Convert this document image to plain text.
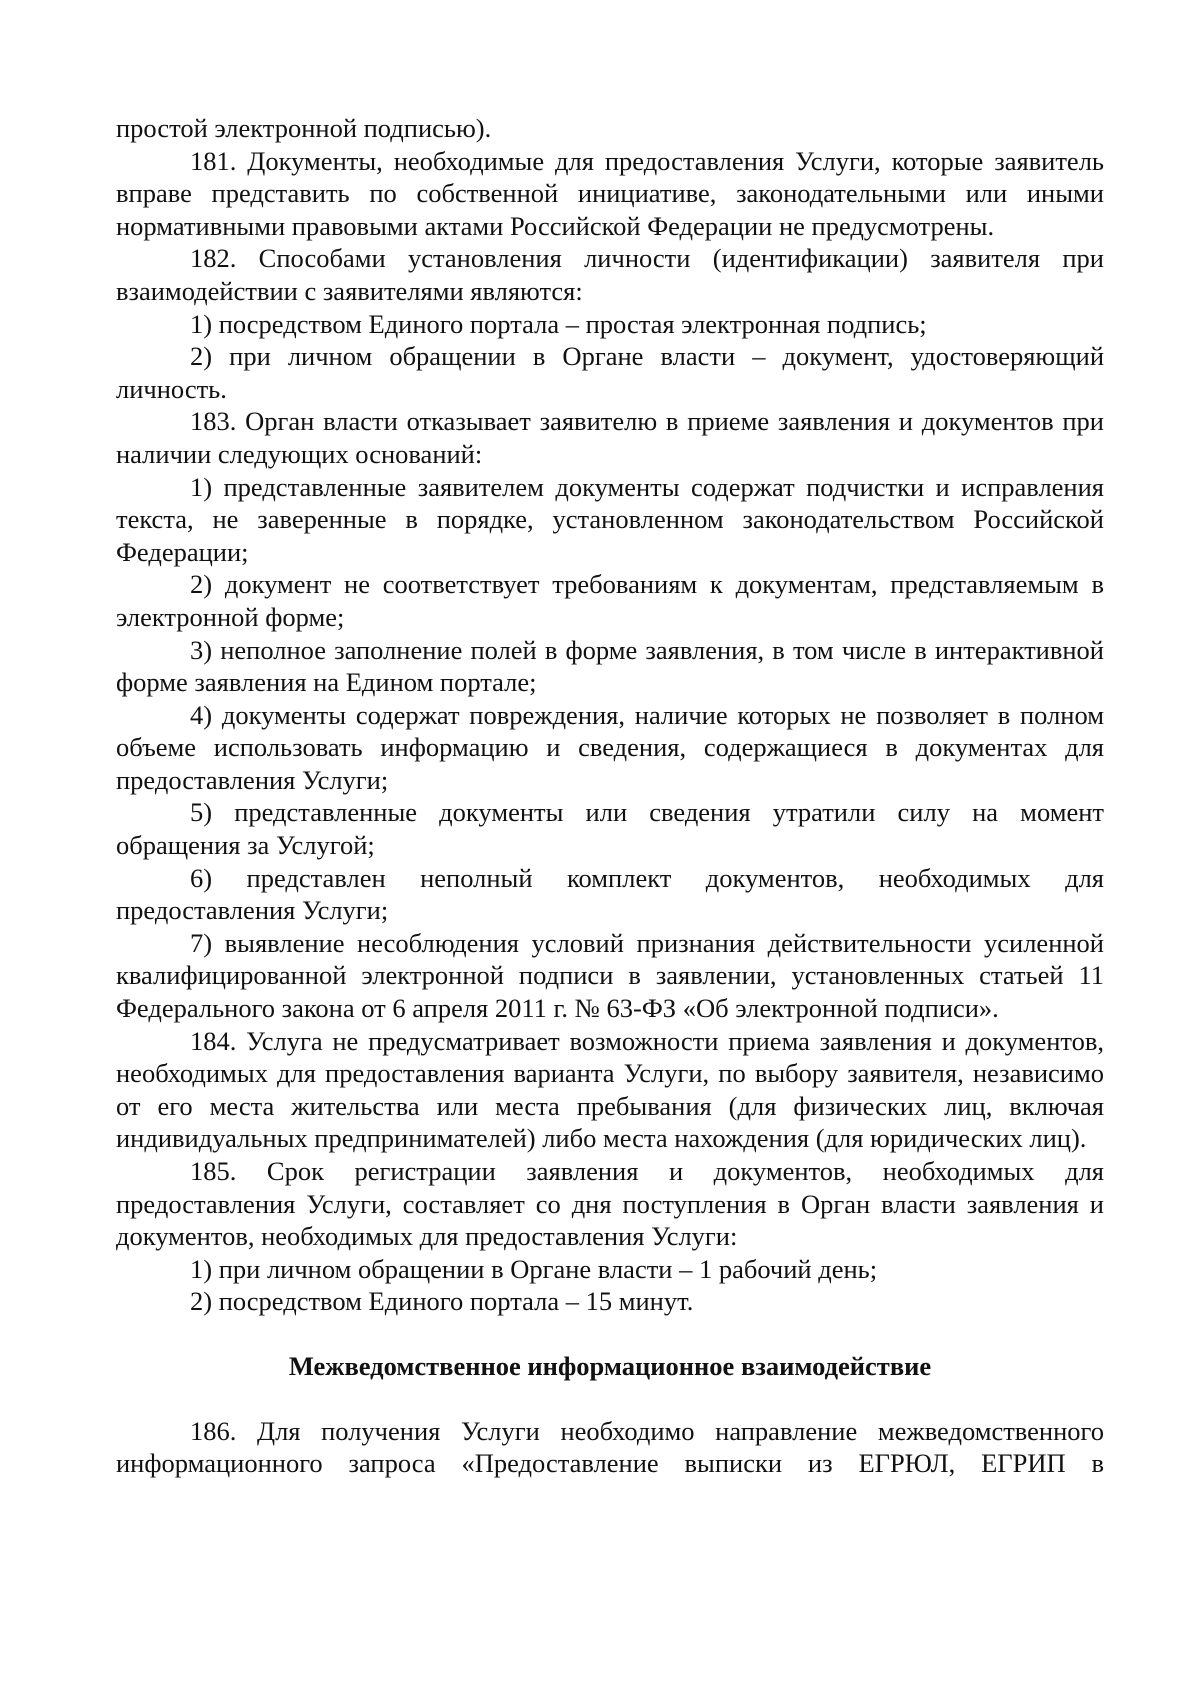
простой электронной подписью).

181. Документы, необходимые для предоставления Услуги, которые заявитель вправе представить по собственной инициативе, законодательными или иными нормативными правовыми актами Российской Федерации не предусмотрены.

182. Способами установления личности (идентификации) заявителя при взаимодействии с заявителями являются:

1) посредством Единого портала – простая электронная подпись;

2) при личном обращении в Органе власти – документ, удостоверяющий личность.

183. Орган власти отказывает заявителю в приеме заявления и документов при наличии следующих оснований:

1) представленные заявителем документы содержат подчистки и исправления текста, не заверенные в порядке, установленном законодательством Российской Федерации;

2) документ не соответствует требованиям к документам, представляемым в электронной форме;

3) неполное заполнение полей в форме заявления, в том числе в интерактивной форме заявления на Едином портале;

4) документы содержат повреждения, наличие которых не позволяет в полном объеме использовать информацию и сведения, содержащиеся в документах для предоставления Услуги;

5) представленные документы или сведения утратили силу на момент обращения за Услугой;

6) представлен неполный комплект документов, необходимых для предоставления Услуги;

7) выявление несоблюдения условий признания действительности усиленной квалифицированной электронной подписи в заявлении, установленных статьей 11 Федерального закона от 6 апреля 2011 г. № 63-ФЗ «Об электронной подписи».

184. Услуга не предусматривает возможности приема заявления и документов, необходимых для предоставления варианта Услуги, по выбору заявителя, независимо от его места жительства или места пребывания (для физических лиц, включая индивидуальных предпринимателей) либо места нахождения (для юридических лиц).

185. Срок регистрации заявления и документов, необходимых для предоставления Услуги, составляет со дня поступления в Орган власти заявления и документов, необходимых для предоставления Услуги:

1) при личном обращении в Органе власти – 1 рабочий день;

2) посредством Единого портала – 15 минут.

Межведомственное информационное взаимодействие

186. Для получения Услуги необходимо направление межведомственного информационного запроса «Предоставление выписки из ЕГРЮЛ, ЕГРИП в
